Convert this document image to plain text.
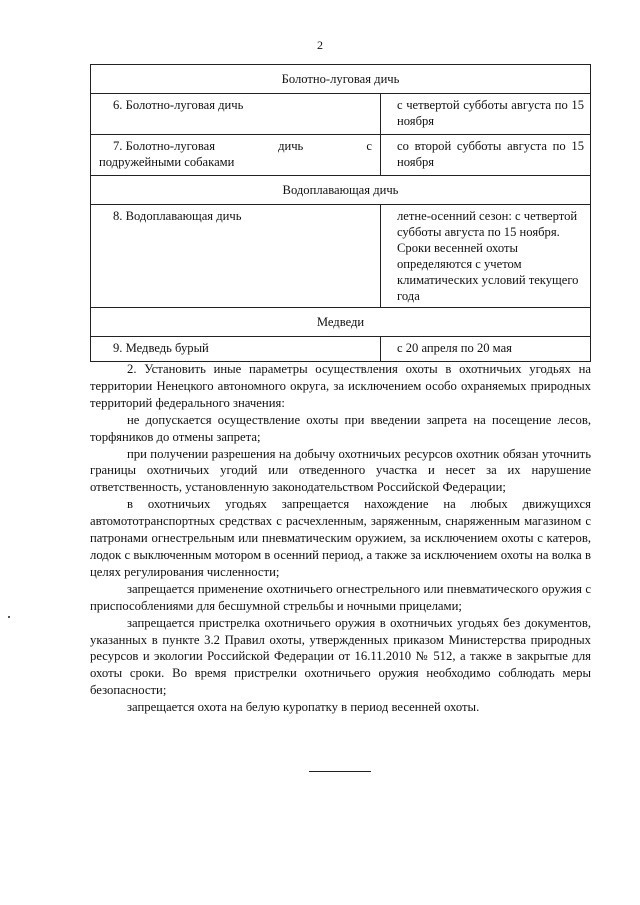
2
Болотно-луговая дичь	
6. Болотно-луговая дичь	с четвертой субботы августа по 15 ноября

7. Болотно-луговая дичь с
подружейными собаками	со второй субботы августа по 15 ноября
Водоплавающая дичь	
8. Водоплавающая дичь	летне-осенний сезон: с четвертой субботы августа по 15 ноября. Сроки весенней охоты определяются с учетом климатических условий текущего года
Медведи	
9. Медведь бурый	с 20 апреля по 20 мая

2. Установить иные параметры осуществления охоты в охотничьих угодьях на территории Ненецкого автономного округа, за исключением особо охраняемых природных территорий федерального значения:

не допускается осуществление охоты при введении запрета на посещение лесов, торфяников до отмены запрета;

при получении разрешения на добычу охотничьих ресурсов охотник обязан уточнить границы охотничьих угодий или отведенного участка и несет за их нарушение ответственность, установленную законодательством Российской Федерации;

в охотничьих угодьях запрещается нахождение на любых движущихся автомототранспортных средствах с расчехленным, заряженным, снаряженным магазином с патронами огнестрельным или пневматическим оружием, за исключением охоты с катеров, лодок с выключенным мотором в осенний период, а также за исключением охоты на волка в целях регулирования численности;

запрещается применение охотничьего огнестрельного или пневматического оружия с приспособлениями для бесшумной стрельбы и ночными прицелами;

запрещается пристрелка охотничьего оружия в охотничьих угодьях без документов, указанных в пункте 3.2 Правил охоты, утвержденных приказом Министерства природных ресурсов и экологии Российской Федерации от 16.11.2010 № 512, а также в закрытые для охоты сроки. Во время пристрелки охотничьего оружия необходимо соблюдать меры безопасности;

запрещается охота на белую куропатку в период весенней охоты.
